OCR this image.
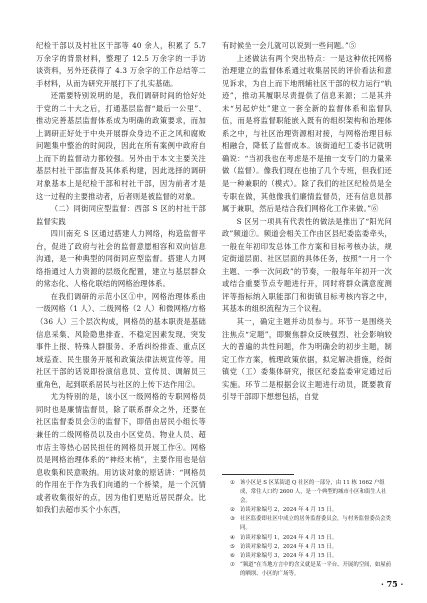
纪检干部以及村社区干部等 40 余人，积累了 5.7 万余字的背景材料，整理了 12.5 万余字的一手访谈资料，另外还获得了 4.3 万余字的工作总结等二手材料，从而为研究开展打下了扎实基础。

还需要特别说明的是，我们调研时间的恰好处于党的二十大之后，打通基层监督“最后一公里”、推动完善基层监督体系成为明确的政策要求，而加上调研正好处于中央开展群众身边不正之风和腐败问题集中整治的时间段，因此在所有案例中政府自上而下的监督动力都较强。另外由于本文主要关注基层村社干部监督及其体系构建，因此选择的调研对象基本上是纪检干部和村社干部，因为前者才是这一过程的主要推动者，后者则是被监督的对象。

（二）同街同应型监督：西部 S 区的村社干部监督实践

四川南充 S 区通过搭建人力网络，构造监督平台，促进了政府与社会的监督意愿相容和双向信息沟通，是一种典型的同街同应型监督。搭建人力网络指通过人力资源的层级化配置，建立与基层群众的常态化、人格化联结的网格治理体系。

在我们调研的示范小区①中，网格治理体系由一级网格（1 人）、二级网格（2 人）和微网格/方格（36 人）三个层次构成，网格员的基本职责是基础信息采集、风险隐患排查、不稳定因素发现、突发事件上报、特殊人群服务、矛盾纠纷排查、重点区域巡查、民生服务开展和政策法律法规宣传等。用社区干部的话说即扮演信息员、宣传员、调解员三重角色，起到联系居民与社区的上传下达作用②。

尤为特别的是，该小区一级网格的专职网格员同时也是廉情监督员，除了联系群众之外，还要在社区监督委员会③的监督下，即借由居民小组长等兼任的二级网格员以及由小区党员、物业人员、超市店主等热心居民担任的网格员开展工作④。网格员是网格治理体系的“神经末梢”，主要作用也是信息收集和民意吸纳。用访谈对象的原话讲：“网格员的作用在于作为我们向通的一个桥梁，是一个沉情或者收集很好的点，因为他们更贴近居民群众。比如我们去超市买个小东西，

有时候坐一会儿就可以说到一些问题。”⑤

上述做法有两个突出特点：一是这种依托网格治理建立的监督体系通过收集居民的评价看法和意见诉求，为自上而下地刑辅社区干部的权力运行“轨迹”，推动其履职尽责提供了信息来源；二是其并未“另起炉灶”建立一套全新的监督体系和监督队伍，而是将监督职能嵌入既有的组织架构和治理体系之中，与社区治理资源相对接，与网格治理目标相融合，降低了监督成本。该街道纪工委书记就明确说：“当初我也在考虑是不是抽一支专门的力量来做（监督）。像我们现在也抽了几个专班，但我们还是一种兼职的（模式）。除了我们的社区纪检员是全专职在做，其他像我们廉情监督员，还有信息员都属于兼职，然后是结合我们网格化工作来做。”⑥

S 区另一项具有代表性的做法是推出了“阳光问政”频道⑦。频道会相关工作由区县纪委监委牵头，一般在年初印发总体工作方案和目标考核办法，规定街道层面、社区层面的具体任务，按照“一月一个主题、一季一次问政”的节奏，一般每年年初开一次或结合重要节点专题进行开，同时将群众满意度测评等指标纳入职能部门和街镇目标考核内容之中，其基本的组织流程为三个议程。

其一，确定主题并动员参与。环节一是围绕关注焦点“定题”，即聚焦群众反映强烈、社会影响较大的普遍的共性问题，作为明确会的初步主题，制定工作方案，梳理政策依据，拟定解决措施，经街镇党（工）委集体研究，报区纪委监委审定通过后实施。环节二是根据会议主题进行动员，既要教育引导干部即下想想包括，自觉

① 该小区是 S 区某街道 Q 社区的一部分，由 11 栋 1662 户组成，常住人口约 2600 人，是一个典型的城市小区和街生人社会。

② 访谈对象编号 2，2024 年 4 月 15 日。

③ 社区监委即社区中成立的居务监督委员会，与村务监督委员会类同。

④ 访谈对象编号 1，2024 年 4 月 15 日。

⑤ 访谈对象编号 2，2024 年 4 月 15 日。

⑥ 访谈对象编号 3，2024 年 4 月 15 日。

⑦ “频道”在当地方言中的含义就是某一平台、开展的空间，如屋前的晒坝、小区的广场等。

· 75 ·
